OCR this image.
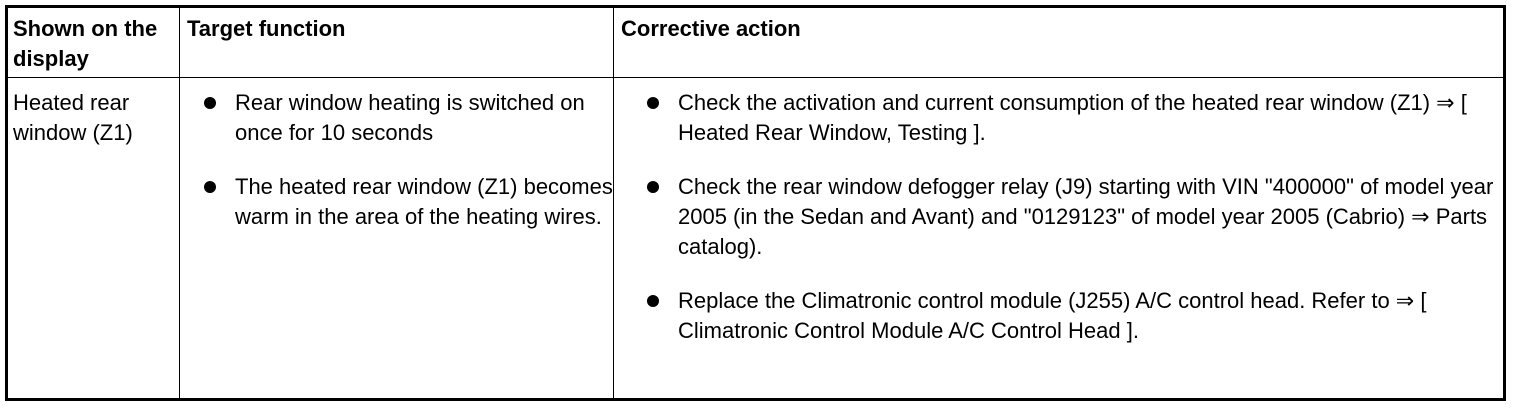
Shown on the display
Target function	Corrective action
Heated rear window (Z1)
Rear window heating is switched on once for 10 seconds
The heated rear window (Z1) becomes warm in the area of the heating wires.
Check the activation and current consumption of the heated rear window (Z1) ⇒ [ Heated Rear Window, Testing ].
Check the rear window defogger relay (J9) starting with VIN "400000" of model year 2005 (in the Sedan and Avant) and "0129123" of model year 2005 (Cabrio) ⇒ Parts catalog).
Replace the Climatronic control module (J255) A/C control head. Refer to ⇒ [ Climatronic Control Module A/C Control Head ].
